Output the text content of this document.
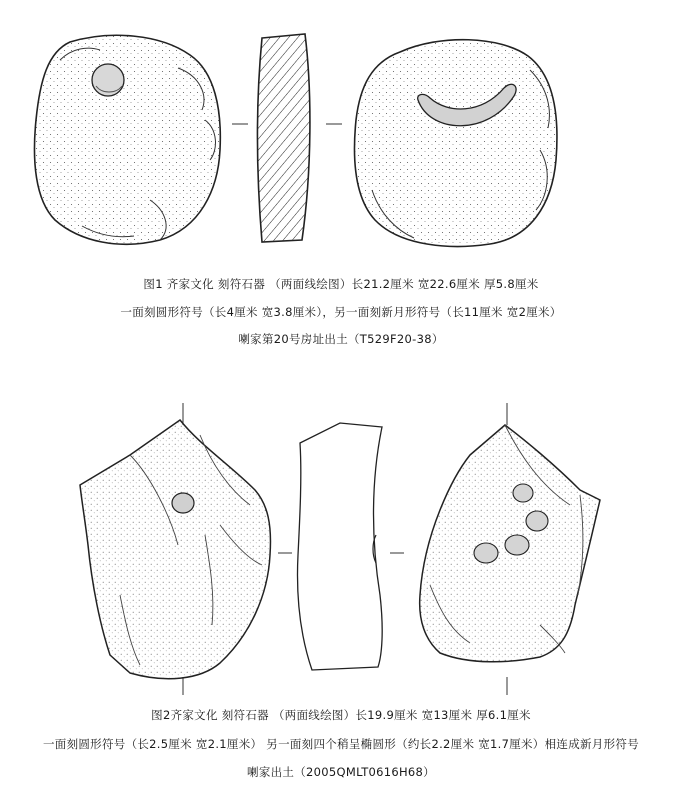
图1 齐家文化 刻符石器 （两面线绘图）长21.2厘米 宽22.6厘米 厚5.8厘米
一面刻圆形符号（长4厘米 宽3.8厘米），另一面刻新月形符号（长11厘米 宽2厘米）
喇家第20号房址出土（T529F20-38）
图2齐家文化 刻符石器 （两面线绘图）长19.9厘米 宽13厘米 厚6.1厘米
一面刻圆形符号（长2.5厘米 宽2.1厘米） 另一面刻四个稍呈椭圆形（约长2.2厘米 宽1.7厘米）相连成新月形符号
喇家出土（2005QMLT0616H68）
